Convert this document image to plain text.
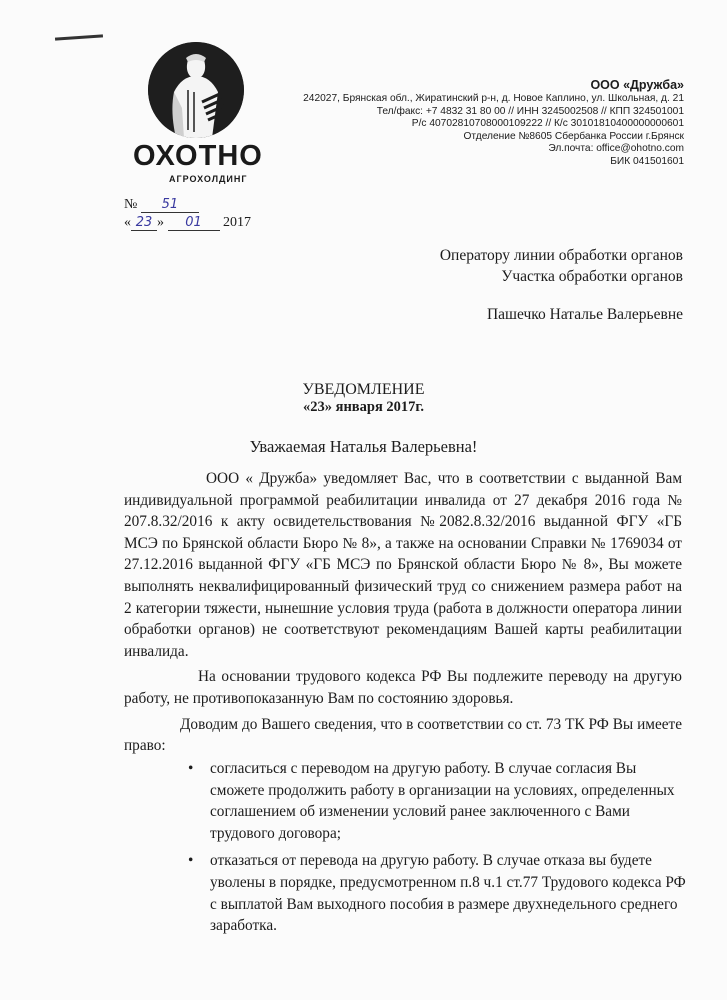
ОХОТНО
АГРОХОЛДИНГ
ООО «Дружба»
242027, Брянская обл., Жиратинский р-н, д. Новое Каплино, ул. Школьная, д. 21
Тел/факс: +7 4832 31 80 00 // ИНН 3245002508 // КПП 324501001
Р/с 40702810708000109222 // К/с 30101810400000000601
Отделение №8605 Сбербанка России г.Брянск
Эл.почта: office@ohotno.com
БИК 041501601
№ 51
« 23 » 01 2017
Оператору линии обработки органов
Участка обработки органов
Пашечко Наталье Валерьевне
УВЕДОМЛЕНИЕ
«23» января 2017г.
Уважаемая Наталья Валерьевна!

ООО « Дружба» уведомляет Вас, что в соответствии с выданной Вам индивидуальной программой реабилитации инвалида от 27 декабря 2016 года № 207.8.32/2016 к акту освидетельствования №2082.8.32/2016 выданной ФГУ «ГБ МСЭ по Брянской области Бюро № 8», а также на основании Справки № 1769034 от 27.12.2016 выданной ФГУ «ГБ МСЭ по Брянской области Бюро № 8», Вы можете выполнять неквалифицированный физический труд со снижением размера работ на 2 категории тяжести, нынешние условия труда (работа в должности оператора линии обработки органов) не соответствуют рекомендациям Вашей карты реабилитации инвалида.

На основании трудового кодекса РФ Вы подлежите переводу на другую работу, не противопоказанную Вам по состоянию здоровья.

Доводим до Вашего сведения, что в соответствии со ст. 73 ТК РФ Вы имеете право:

• согласиться с переводом на другую работу. В случае согласия Вы сможете продолжить работу в организации на условиях, определенных соглашением об изменении условий ранее заключенного с Вами трудового договора;
• отказаться от перевода на другую работу. В случае отказа вы будете уволены в порядке, предусмотренном п.8 ч.1 ст.77 Трудового кодекса РФ с выплатой Вам выходного пособия в размере двухнедельного среднего заработка.
